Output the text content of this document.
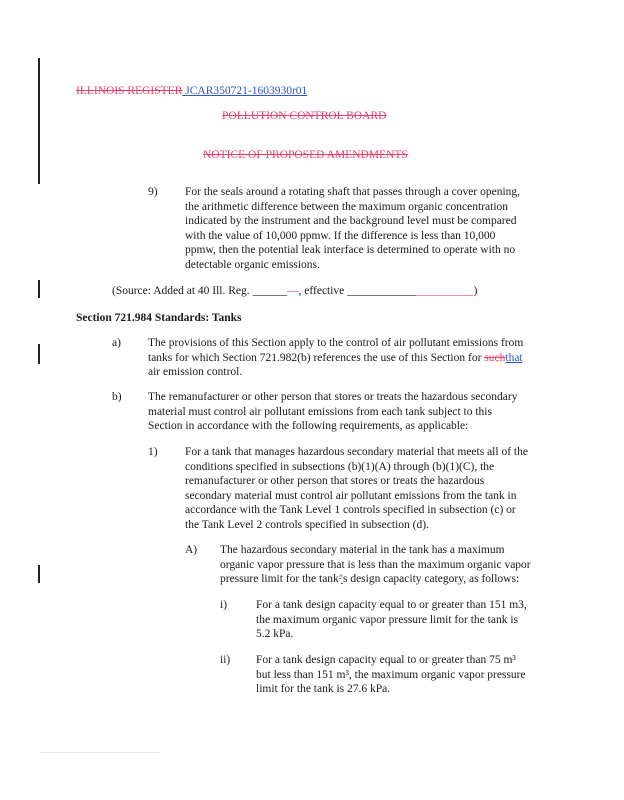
ILLINOIS REGISTER JCAR350721-1603930r01
POLLUTION CONTROL BOARD
NOTICE OF PROPOSED AMENDMENTS
9) For the seals around a rotating shaft that passes through a cover opening,
the arithmetic difference between the maximum organic concentration
indicated by the instrument and the background level must be compared
with the value of 10,000 ppmw. If the difference is less than 10,000
ppmw, then the potential leak interface is determined to operate with no
detectable organic emissions.
(Source: Added at 40 Ill. Reg. ______—, effective ______________________)
Section 721.984 Standards: Tanks
a) The provisions of this Section apply to the control of air pollutant emissions from
tanks for which Section 721.982(b) references the use of this Section for suchthat
air emission control.
b) The remanufacturer or other person that stores or treats the hazardous secondary
material must control air pollutant emissions from each tank subject to this
Section in accordance with the following requirements, as applicable:
1) For a tank that manages hazardous secondary material that meets all of the
conditions specified in subsections (b)(1)(A) through (b)(1)(C), the
remanufacturer or other person that stores or treats the hazardous
secondary material must control air pollutant emissions from the tank in
accordance with the Tank Level 1 controls specified in subsection (c) or
the Tank Level 2 controls specified in subsection (d).
A) The hazardous secondary material in the tank has a maximum
organic vapor pressure that is less than the maximum organic vapor
pressure limit for the tank''s design capacity category, as follows:
i)	For a tank design capacity equal to or greater than 151 m3,
the maximum organic vapor pressure limit for the tank is
5.2 kPa.
ii) For a tank design capacity equal to or greater than 75 m³
but less than 151 m³, the maximum organic vapor pressure
limit for the tank is 27.6 kPa.
